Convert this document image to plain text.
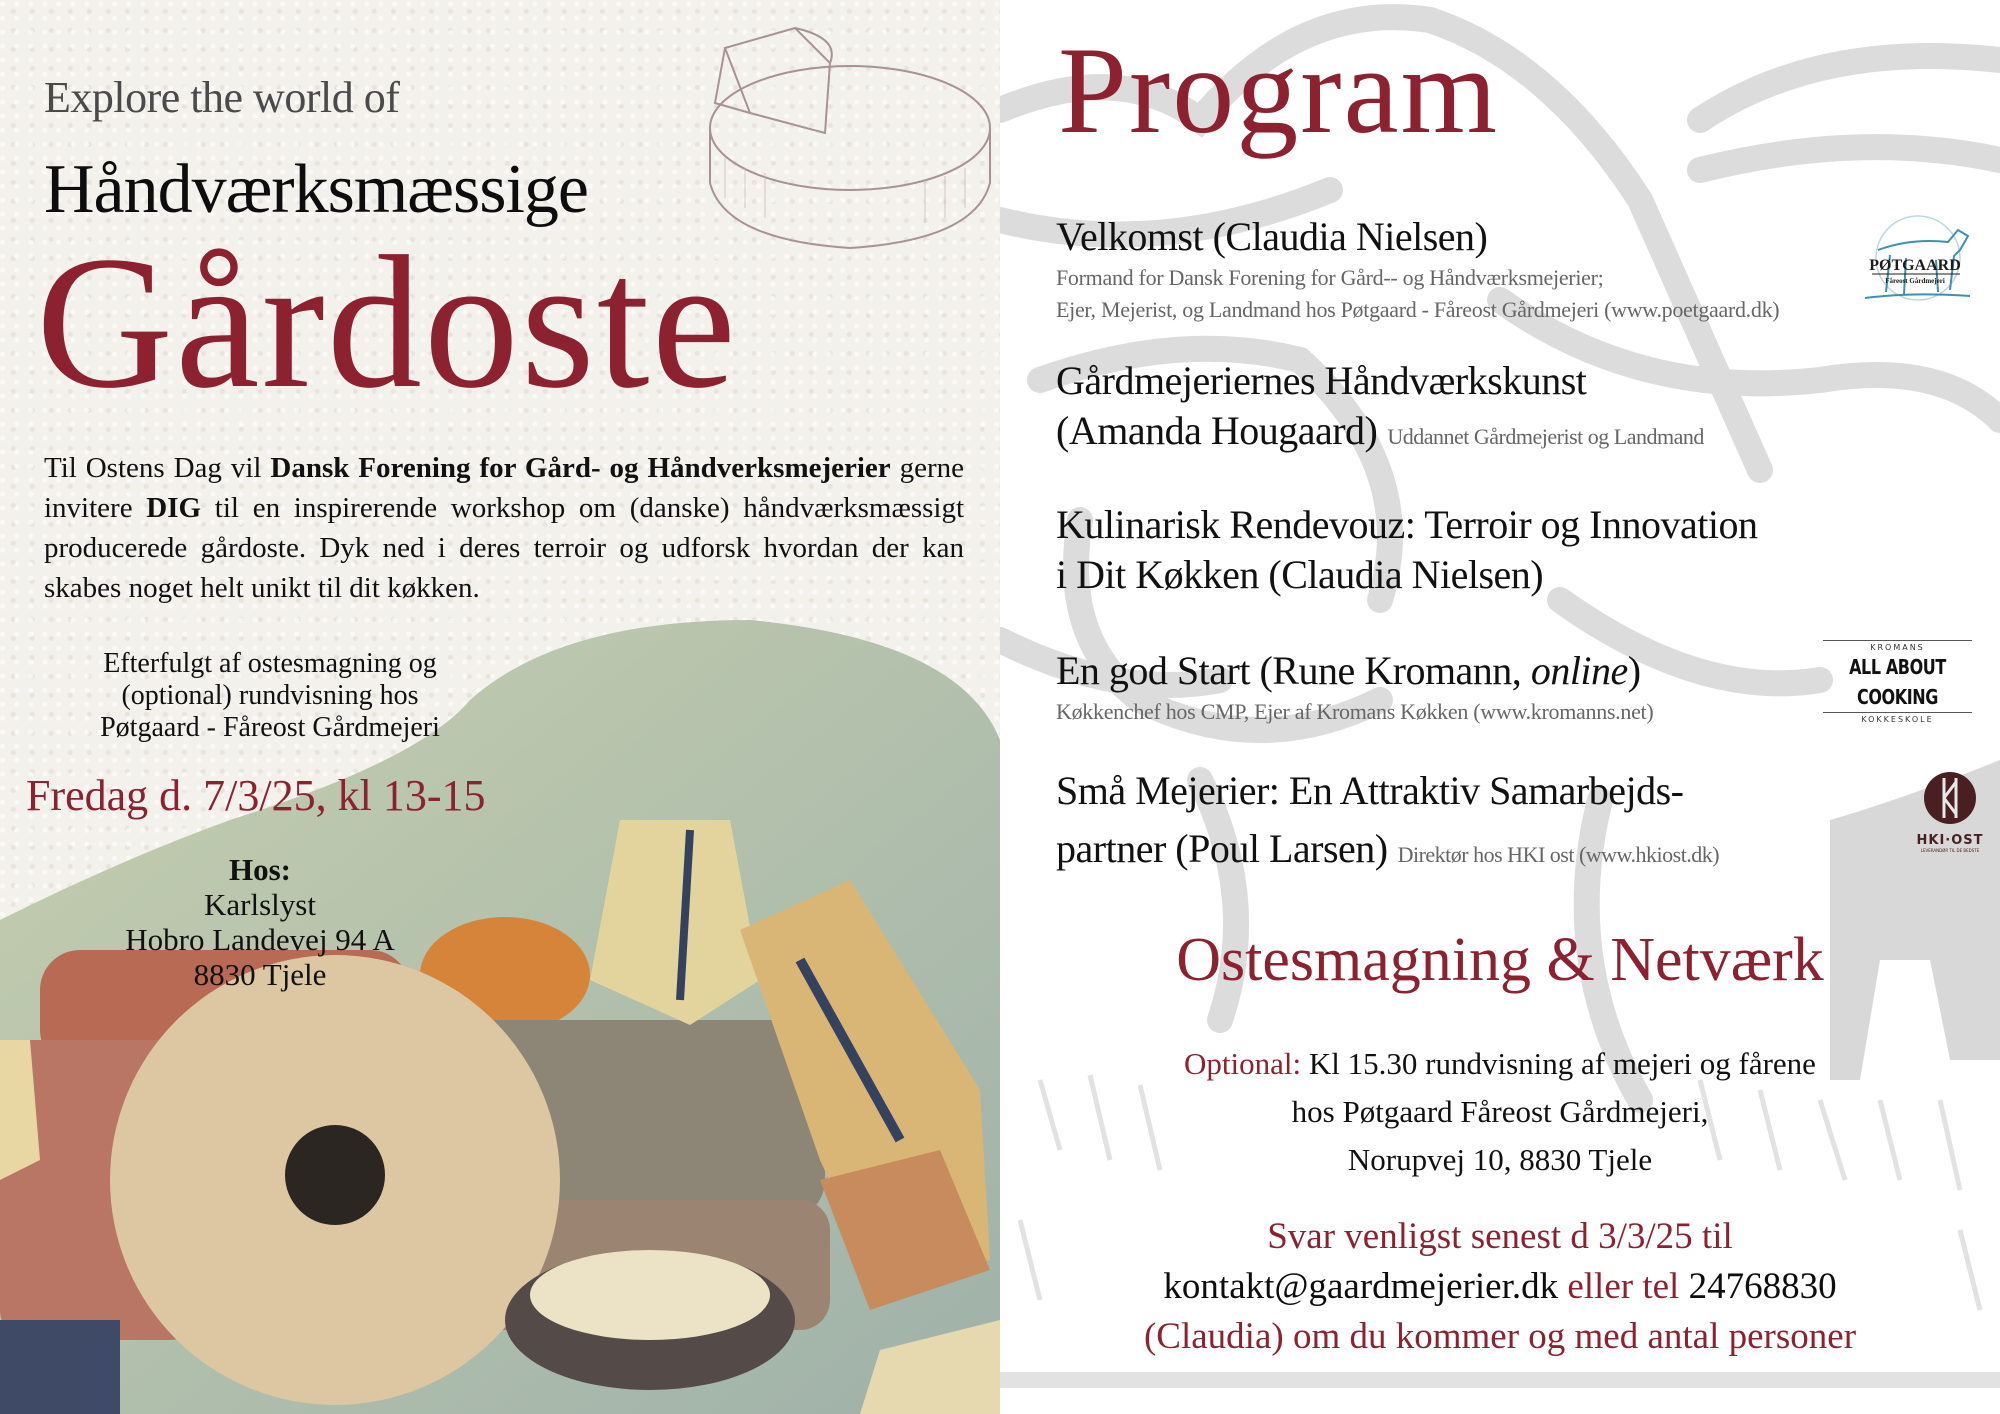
Explore the world of
Håndværksmæssige
Gårdoste
Til Ostens Dag vil Dansk Forening for Gård- og Håndverksmejerier gerne invitere DIG til en inspirerende workshop om (danske) håndværksmæssigt producerede gårdoste. Dyk ned i deres terroir og udforsk hvordan der kan skabes noget helt unikt til dit køkken.
Efterfulgt af ostesmagning og
(optional) rundvisning hos
Pøtgaard - Fåreost Gårdmejeri
Fredag d. 7/3/25, kl 13-15
Hos:
Karlslyst
Hobro Landevej 94 A
8830 Tjele
Program
Velkomst (Claudia Nielsen)
Formand for Dansk Forening for Gård-- og Håndværksmejerier;
Ejer, Mejerist, og Landmand hos Pøtgaard - Fåreost Gårdmejeri (www.poetgaard.dk)
Gårdmejeriernes Håndværkskunst
(Amanda Hougaard) Uddannet Gårdmejerist og Landmand
Kulinarisk Rendevouz: Terroir og Innovation
i Dit Køkken (Claudia Nielsen)
En god Start (Rune Kromann, online)
Køkkenchef hos CMP, Ejer af Kromans Køkken (www.kromanns.net)
Små Mejerier: En Attraktiv Samarbejds-
partner (Poul Larsen) Direktør hos HKI ost (www.hkiost.dk)
PØTGAARD
Fåreost Gårdmejeri
KROMANS
ALL ABOUT COOKING
KOKKESKOLE
HKI·OST
LEVERANDØR TIL DE BEDSTE
Ostesmagning & Netværk
Optional: Kl 15.30 rundvisning af mejeri og fårene
hos Pøtgaard Fåreost Gårdmejeri,
Norupvej 10, 8830 Tjele
Svar venligst senest d 3/3/25 til
kontakt@gaardmejerier.dk eller tel 24768830
(Claudia) om du kommer og med antal personer
